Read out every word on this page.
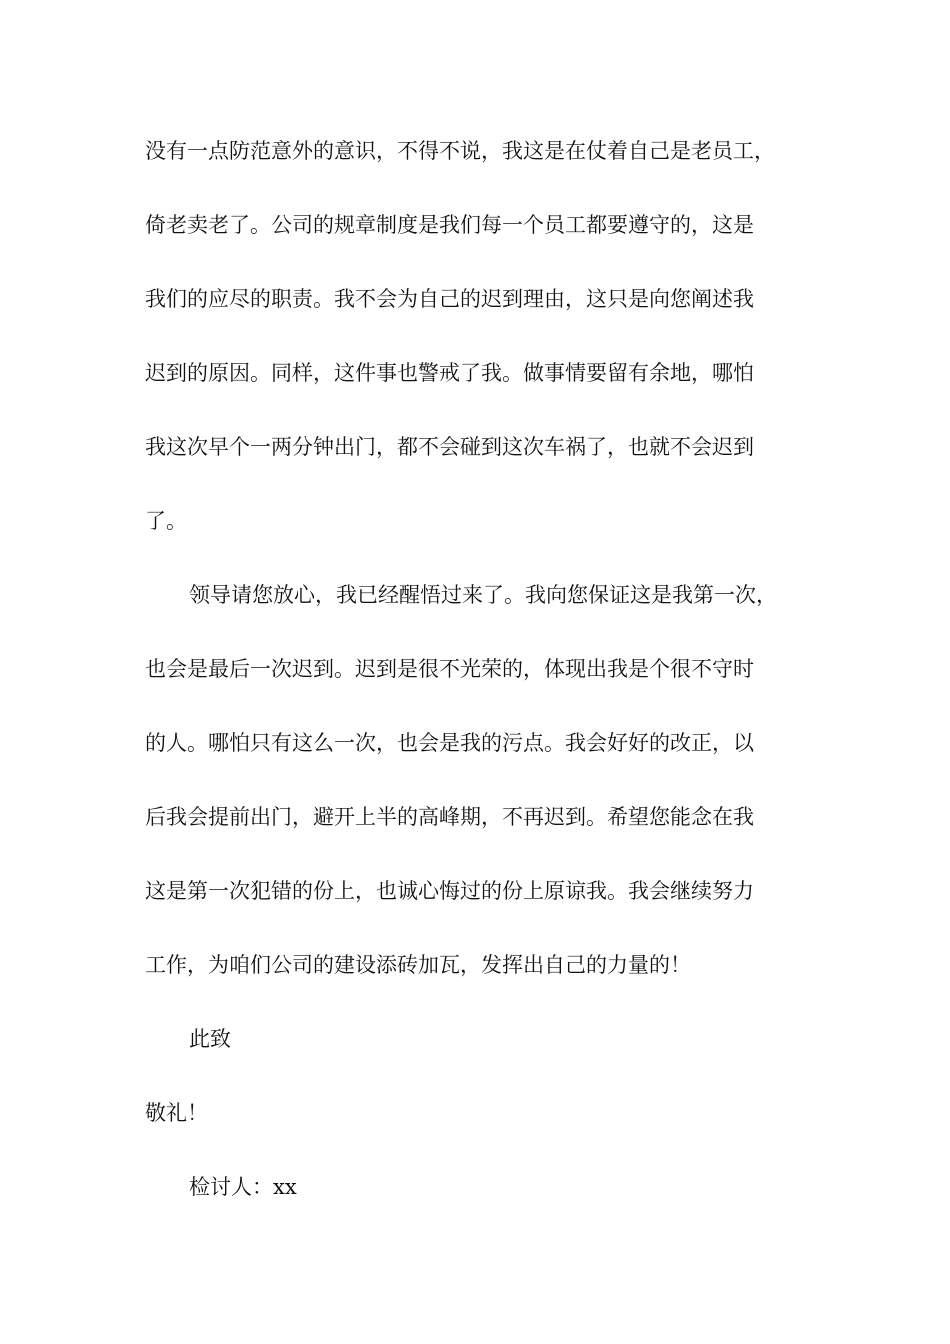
没有一点防范意外的意识，不得不说，我这是在仗着自己是老员工，
倚老卖老了。公司的规章制度是我们每一个员工都要遵守的，这是
我们的应尽的职责。我不会为自己的迟到理由，这只是向您阐述我
迟到的原因。同样，这件事也警戒了我。做事情要留有余地，哪怕
我这次早个一两分钟出门，都不会碰到这次车祸了，也就不会迟到
了。
领导请您放心，我已经醒悟过来了。我向您保证这是我第一次，
也会是最后一次迟到。迟到是很不光荣的，体现出我是个很不守时
的人。哪怕只有这么一次，也会是我的污点。我会好好的改正，以
后我会提前出门，避开上半的高峰期，不再迟到。希望您能念在我
这是第一次犯错的份上，也诚心悔过的份上原谅我。我会继续努力
工作，为咱们公司的建设添砖加瓦，发挥出自己的力量的！
此致
敬礼！
检讨人：xx
